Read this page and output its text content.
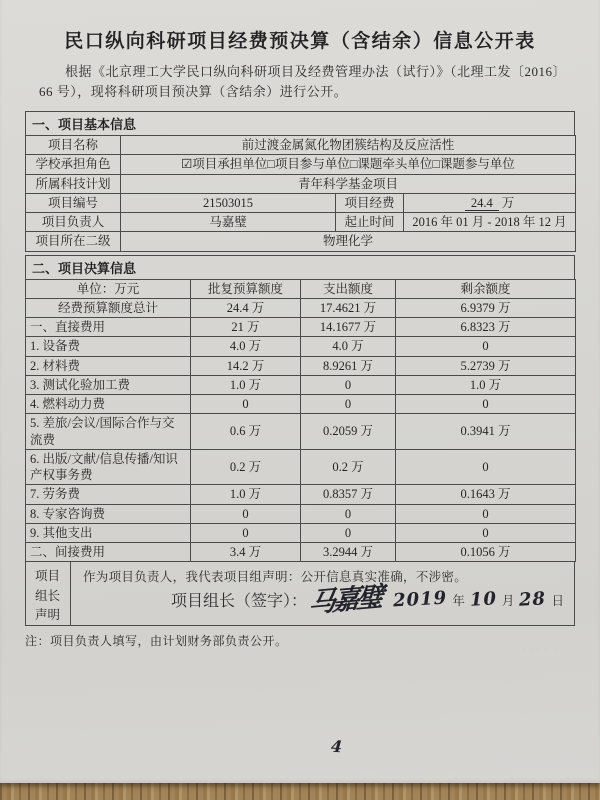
民口纵向科研项目经费预决算（含结余）信息公开表
根据《北京理工大学民口纵向科研项目及经费管理办法（试行）》（北理工发〔2016〕66 号），现将科研项目预决算（含结余）进行公开。
一、项目基本信息
项目名称	前过渡金属氮化物团簇结构及反应活性		
学校承担角色	☑项目承担单位□项目参与单位□课题牵头单位□课题参与单位		
所属科技计划	青年科学基金项目		
项目编号	21503015	项目经费	24.4 万
项目负责人	马嘉璧	起止时间	2016 年 01 月 - 2018 年 12 月
项目所在二级	物理化学		
二、项目决算信息
单位：万元	批复预算额度	支出额度	剩余额度
经费预算额度总计	24.4 万	17.4621 万	6.9379 万
一、直接费用	21 万	14.1677 万	6.8323 万
1. 设备费	4.0 万	4.0 万	0
2. 材料费	14.2 万	8.9261 万	5.2739 万
3. 测试化验加工费	1.0 万	0	1.0 万
4. 燃料动力费	0	0	0
5. 差旅/会议/国际合作与交流费	0.6 万	0.2059 万	0.3941 万
6. 出版/文献/信息传播/知识产权事务费	0.2 万	0.2 万	0
7. 劳务费	1.0 万	0.8357 万	0.1643 万
8. 专家咨询费	0	0	0
9. 其他支出	0	0	0
二、间接费用	3.4 万	3.2944 万	0.1056 万
项目
组长
声明
作为项目负责人，我代表项目组声明：公开信息真实准确，不涉密。
项目组长（签字）： 马嘉璧 2019 年 10 月 28 日
注：项目负责人填写，由计划财务部负责公开。
· ·· · ·
4
